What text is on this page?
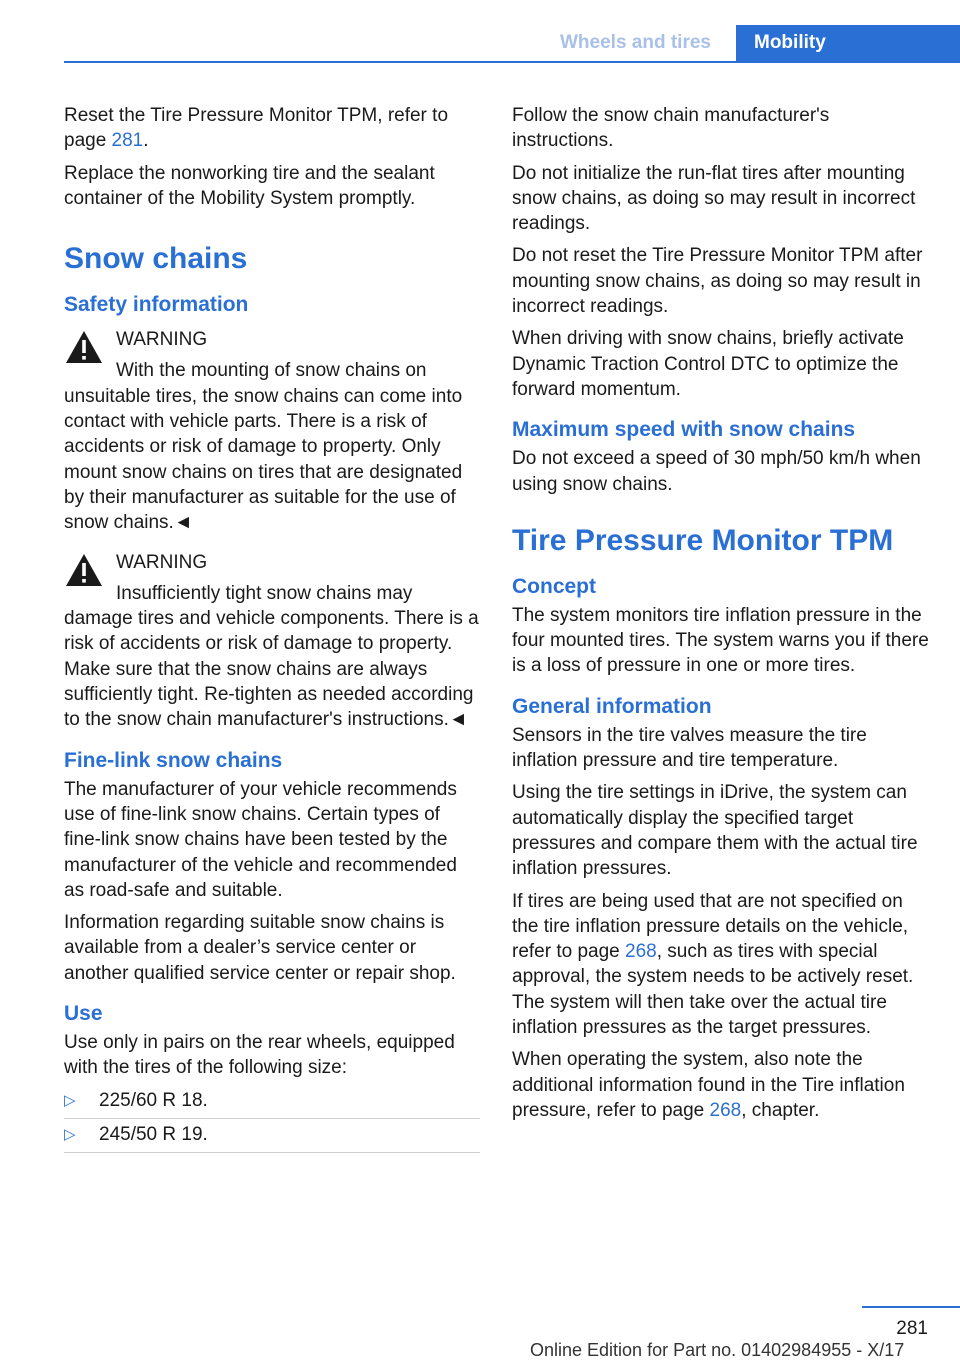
Wheels and tires	Mobility

Reset the Tire Pressure Monitor TPM, refer to page 281.

Replace the nonworking tire and the sealant container of the Mobility System promptly.

Snow chains
Safety information
WARNING
With the mounting of snow chains on unsuitable tires, the snow chains can come into contact with vehicle parts. There is a risk of accidents or risk of damage to property. Only mount snow chains on tires that are designated by their manufacturer as suitable for the use of snow chains.◄
WARNING
Insufficiently tight snow chains may damage tires and vehicle components. There is a risk of accidents or risk of damage to property. Make sure that the snow chains are always sufficiently tight. Re-tighten as needed according to the snow chain manufacturer's instructions.◄
Fine-link snow chains

The manufacturer of your vehicle recommends use of fine-link snow chains. Certain types of fine-link snow chains have been tested by the manufacturer of the vehicle and recommended as road-safe and suitable.

Information regarding suitable snow chains is available from a dealer’s service center or another qualified service center or repair shop.

Use

Use only in pairs on the rear wheels, equipped with the tires of the following size:

▷ 225/60 R 18.
▷ 245/50 R 19.

Follow the snow chain manufacturer's instructions.

Do not initialize the run-flat tires after mounting snow chains, as doing so may result in incorrect readings.

Do not reset the Tire Pressure Monitor TPM after mounting snow chains, as doing so may result in incorrect readings.

When driving with snow chains, briefly activate Dynamic Traction Control DTC to optimize the forward momentum.

Maximum speed with snow chains

Do not exceed a speed of 30 mph/50 km/h when using snow chains.

Tire Pressure Monitor TPM
Concept

The system monitors tire inflation pressure in the four mounted tires. The system warns you if there is a loss of pressure in one or more tires.

General information

Sensors in the tire valves measure the tire inflation pressure and tire temperature.

Using the tire settings in iDrive, the system can automatically display the specified target pressures and compare them with the actual tire inflation pressures.

If tires are being used that are not specified on the tire inflation pressure details on the vehicle, refer to page 268, such as tires with special approval, the system needs to be actively reset. The system will then take over the actual tire inflation pressures as the target pressures.

When operating the system, also note the additional information found in the Tire inflation pressure, refer to page 268, chapter.

281
Online Edition for Part no. 01402984955 - X/17
